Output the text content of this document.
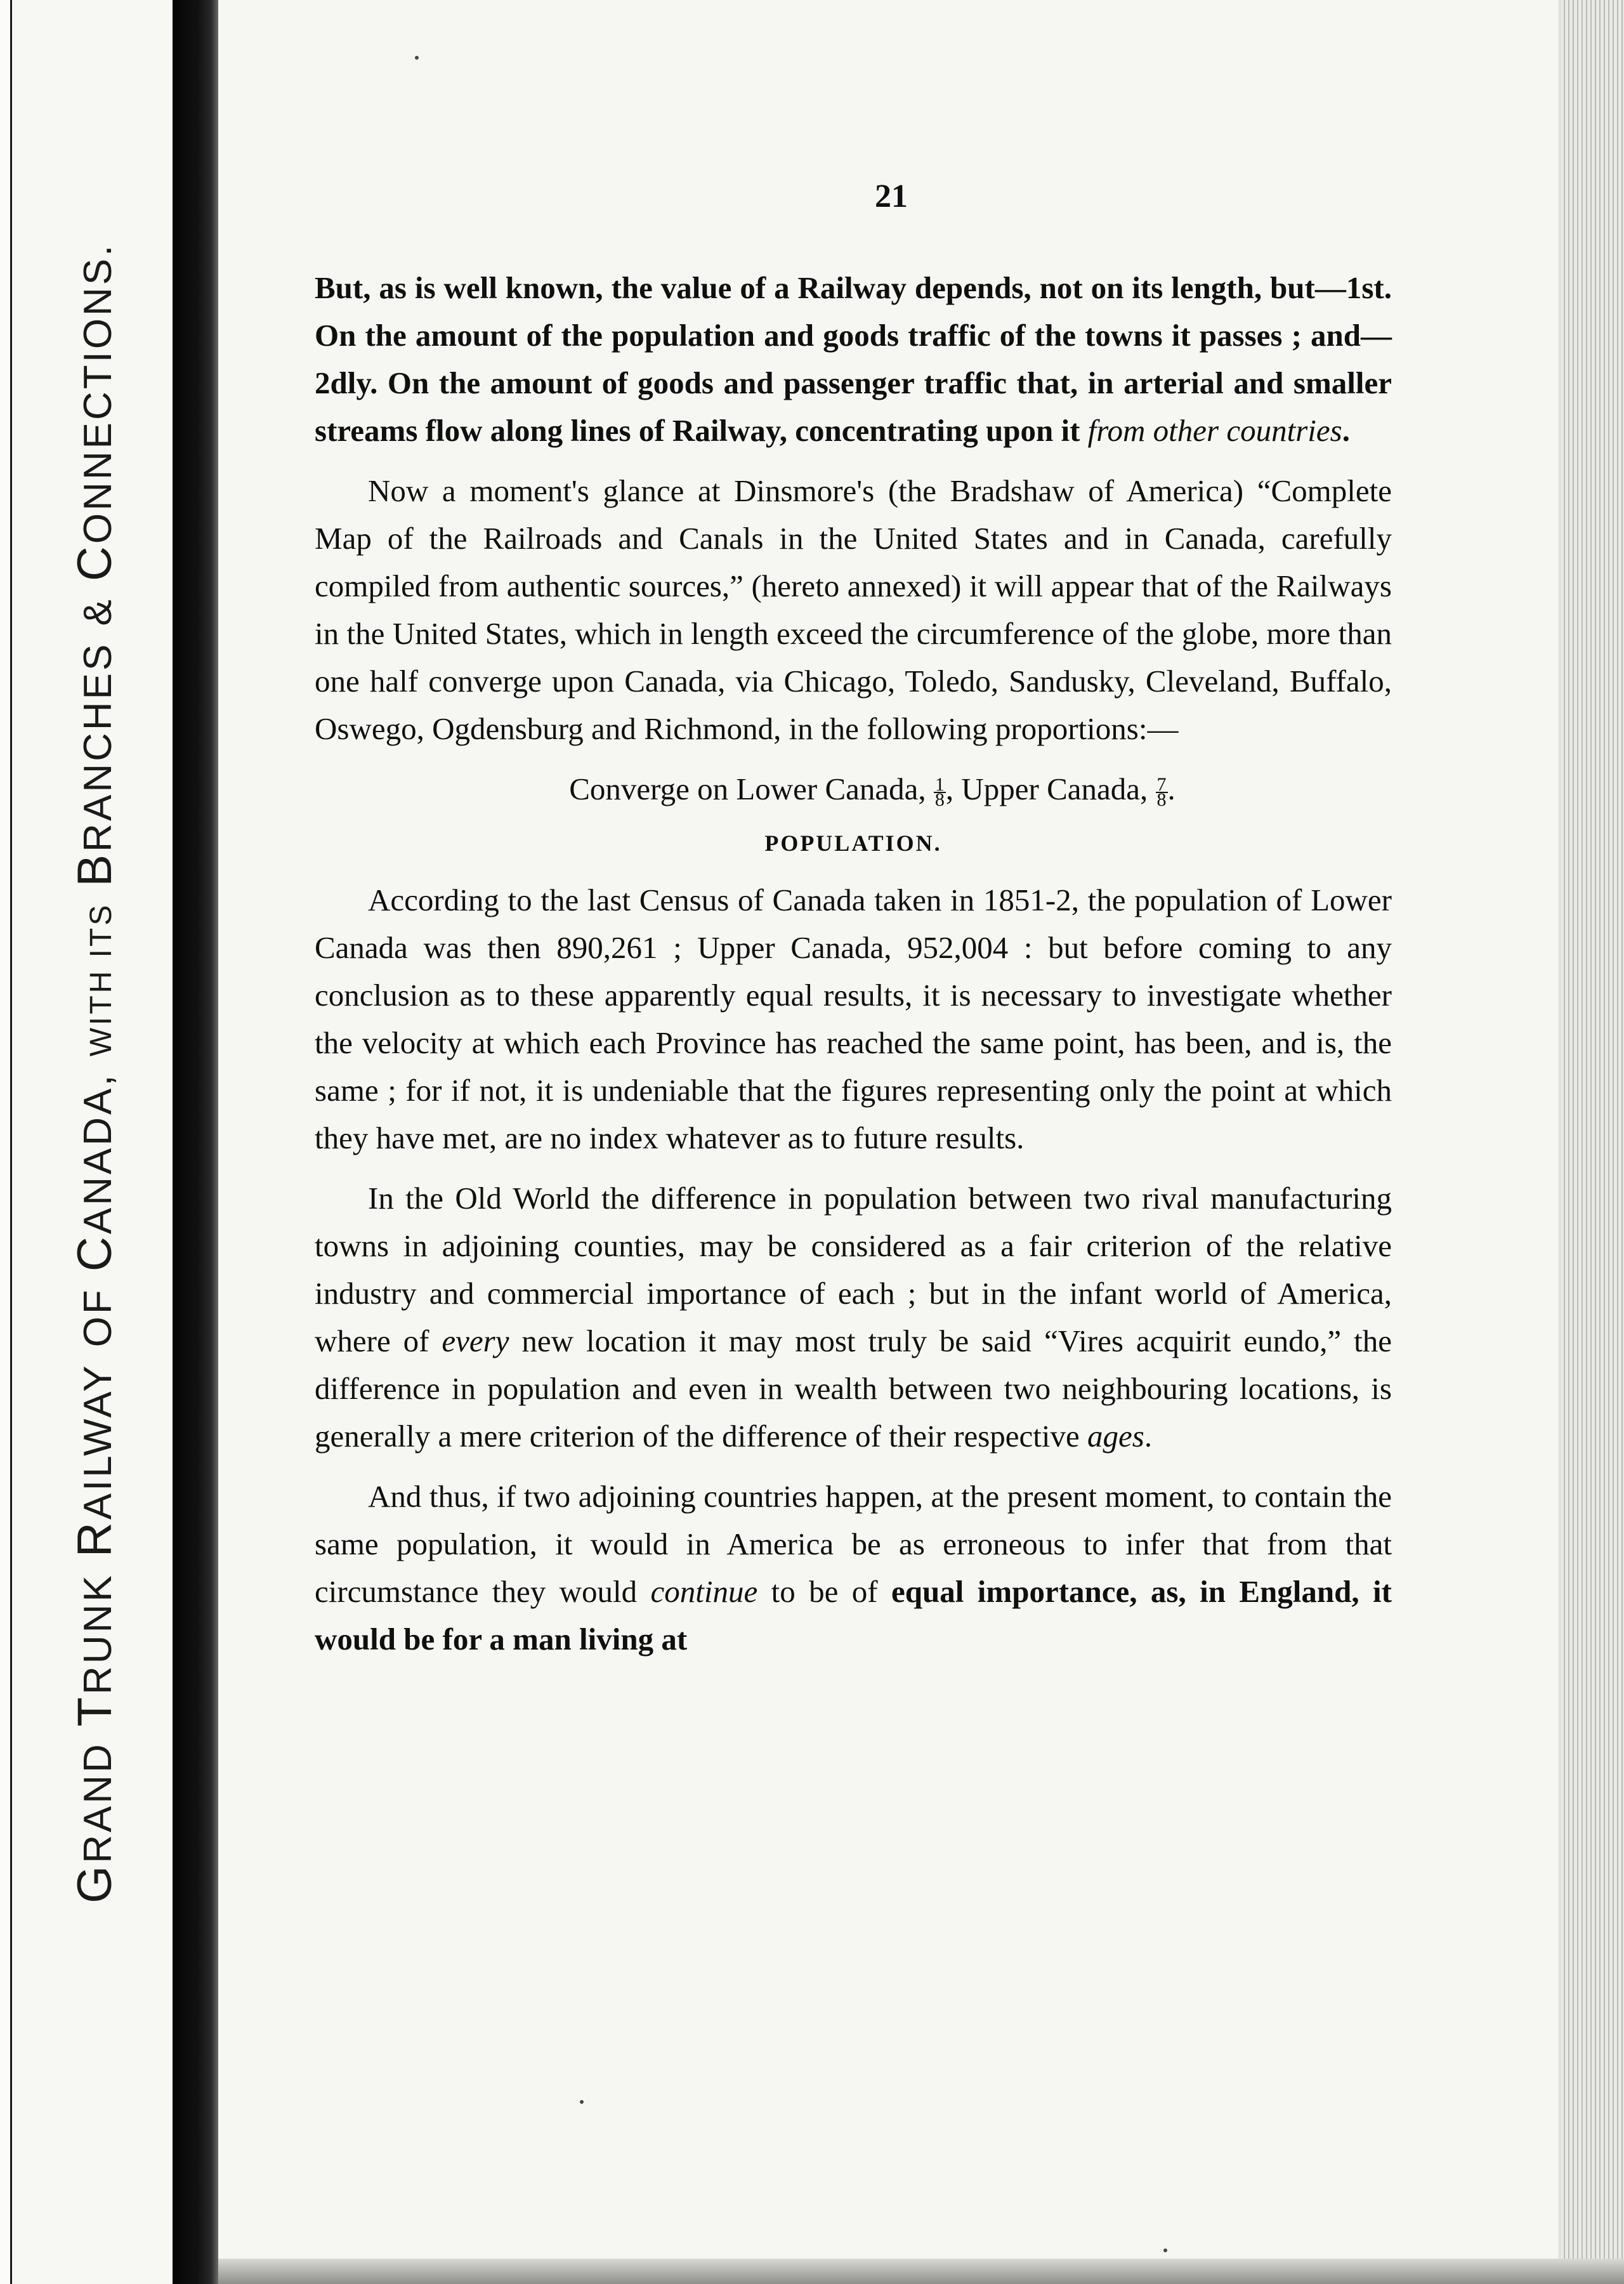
GRAND TRUNK RAILWAY OF CANADA, WITH ITS BRANCHES & CONNECTIONS.
21

But, as is well known, the value of a Railway depends, not on its length, but—1st. On the amount of the population and goods traffic of the towns it passes ; and—2dly. On the amount of goods and passenger traffic that, in arterial and smaller streams flow along lines of Railway, concentrating upon it from other countries.

Now a moment's glance at Dinsmore's (the Bradshaw of America) “Complete Map of the Railroads and Canals in the United States and in Canada, carefully compiled from authentic sources,” (hereto annexed) it will appear that of the Railways in the United States, which in length exceed the circumference of the globe, more than one half converge upon Canada, via Chicago, Toledo, Sandusky, Cleveland, Buffalo, Oswego, Ogdensburg and Richmond, in the following proportions:—

Converge on Lower Canada, $\frac{1}{8}$ , Upper Canada, $\frac{7}{8}$ .

POPULATION.

According to the last Census of Canada taken in 1851-2, the population of Lower Canada was then 890,261 ; Upper Canada, 952,004 : but before coming to any conclusion as to these apparently equal results, it is necessary to investigate whether the velocity at which each Province has reached the same point, has been, and is, the same ; for if not, it is undeniable that the figures representing only the point at which they have met, are no index whatever as to future results.

In the Old World the difference in population between two rival manufacturing towns in adjoining counties, may be considered as a fair criterion of the relative industry and commercial importance of each ; but in the infant world of America, where of every new location it may most truly be said “Vires acquirit eundo,” the difference in population and even in wealth between two neighbouring locations, is generally a mere criterion of the difference of their respective ages.

And thus, if two adjoining countries happen, at the present moment, to contain the same population, it would in America be as erroneous to infer that from that circumstance they would continue to be of equal importance, as, in England, it would be for a man living at
